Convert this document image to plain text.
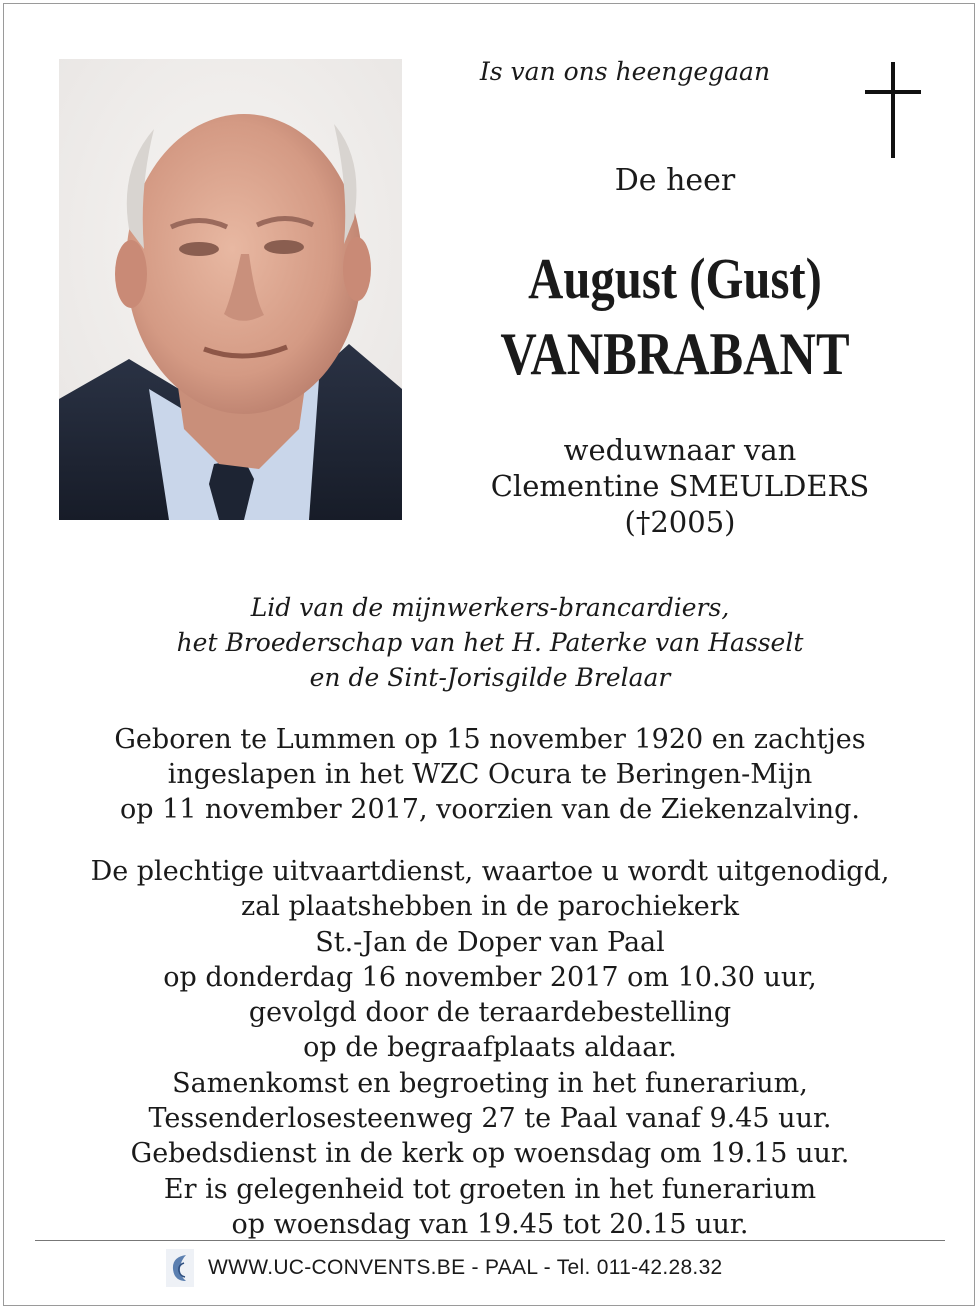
Is van ons heengegaan
De heer
August (Gust)
VANBRABANT
weduwnaar van
Clementine SMEULDERS
(†2005)
Lid van de mijnwerkers-brancardiers,
het Broederschap van het H. Paterke van Hasselt
en de Sint-Jorisgilde Brelaar
Geboren te Lummen op 15 november 1920 en zachtjes
ingeslapen in het WZC Ocura te Beringen-Mijn
op 11 november 2017, voorzien van de Ziekenzalving.
De plechtige uitvaartdienst, waartoe u wordt uitgenodigd,
zal plaatshebben in de parochiekerk
St.-Jan de Doper van Paal
op donderdag 16 november 2017 om 10.30 uur,
gevolgd door de teraardebestelling
op de begraafplaats aldaar.
Samenkomst en begroeting in het funerarium,
Tessenderlosesteenweg 27 te Paal vanaf 9.45 uur.
Gebedsdienst in de kerk op woensdag om 19.15 uur.
Er is gelegenheid tot groeten in het funerarium
op woensdag van 19.45 tot 20.15 uur.
WWW.UC-CONVENTS.BE - PAAL - Tel. 011-42.28.32
